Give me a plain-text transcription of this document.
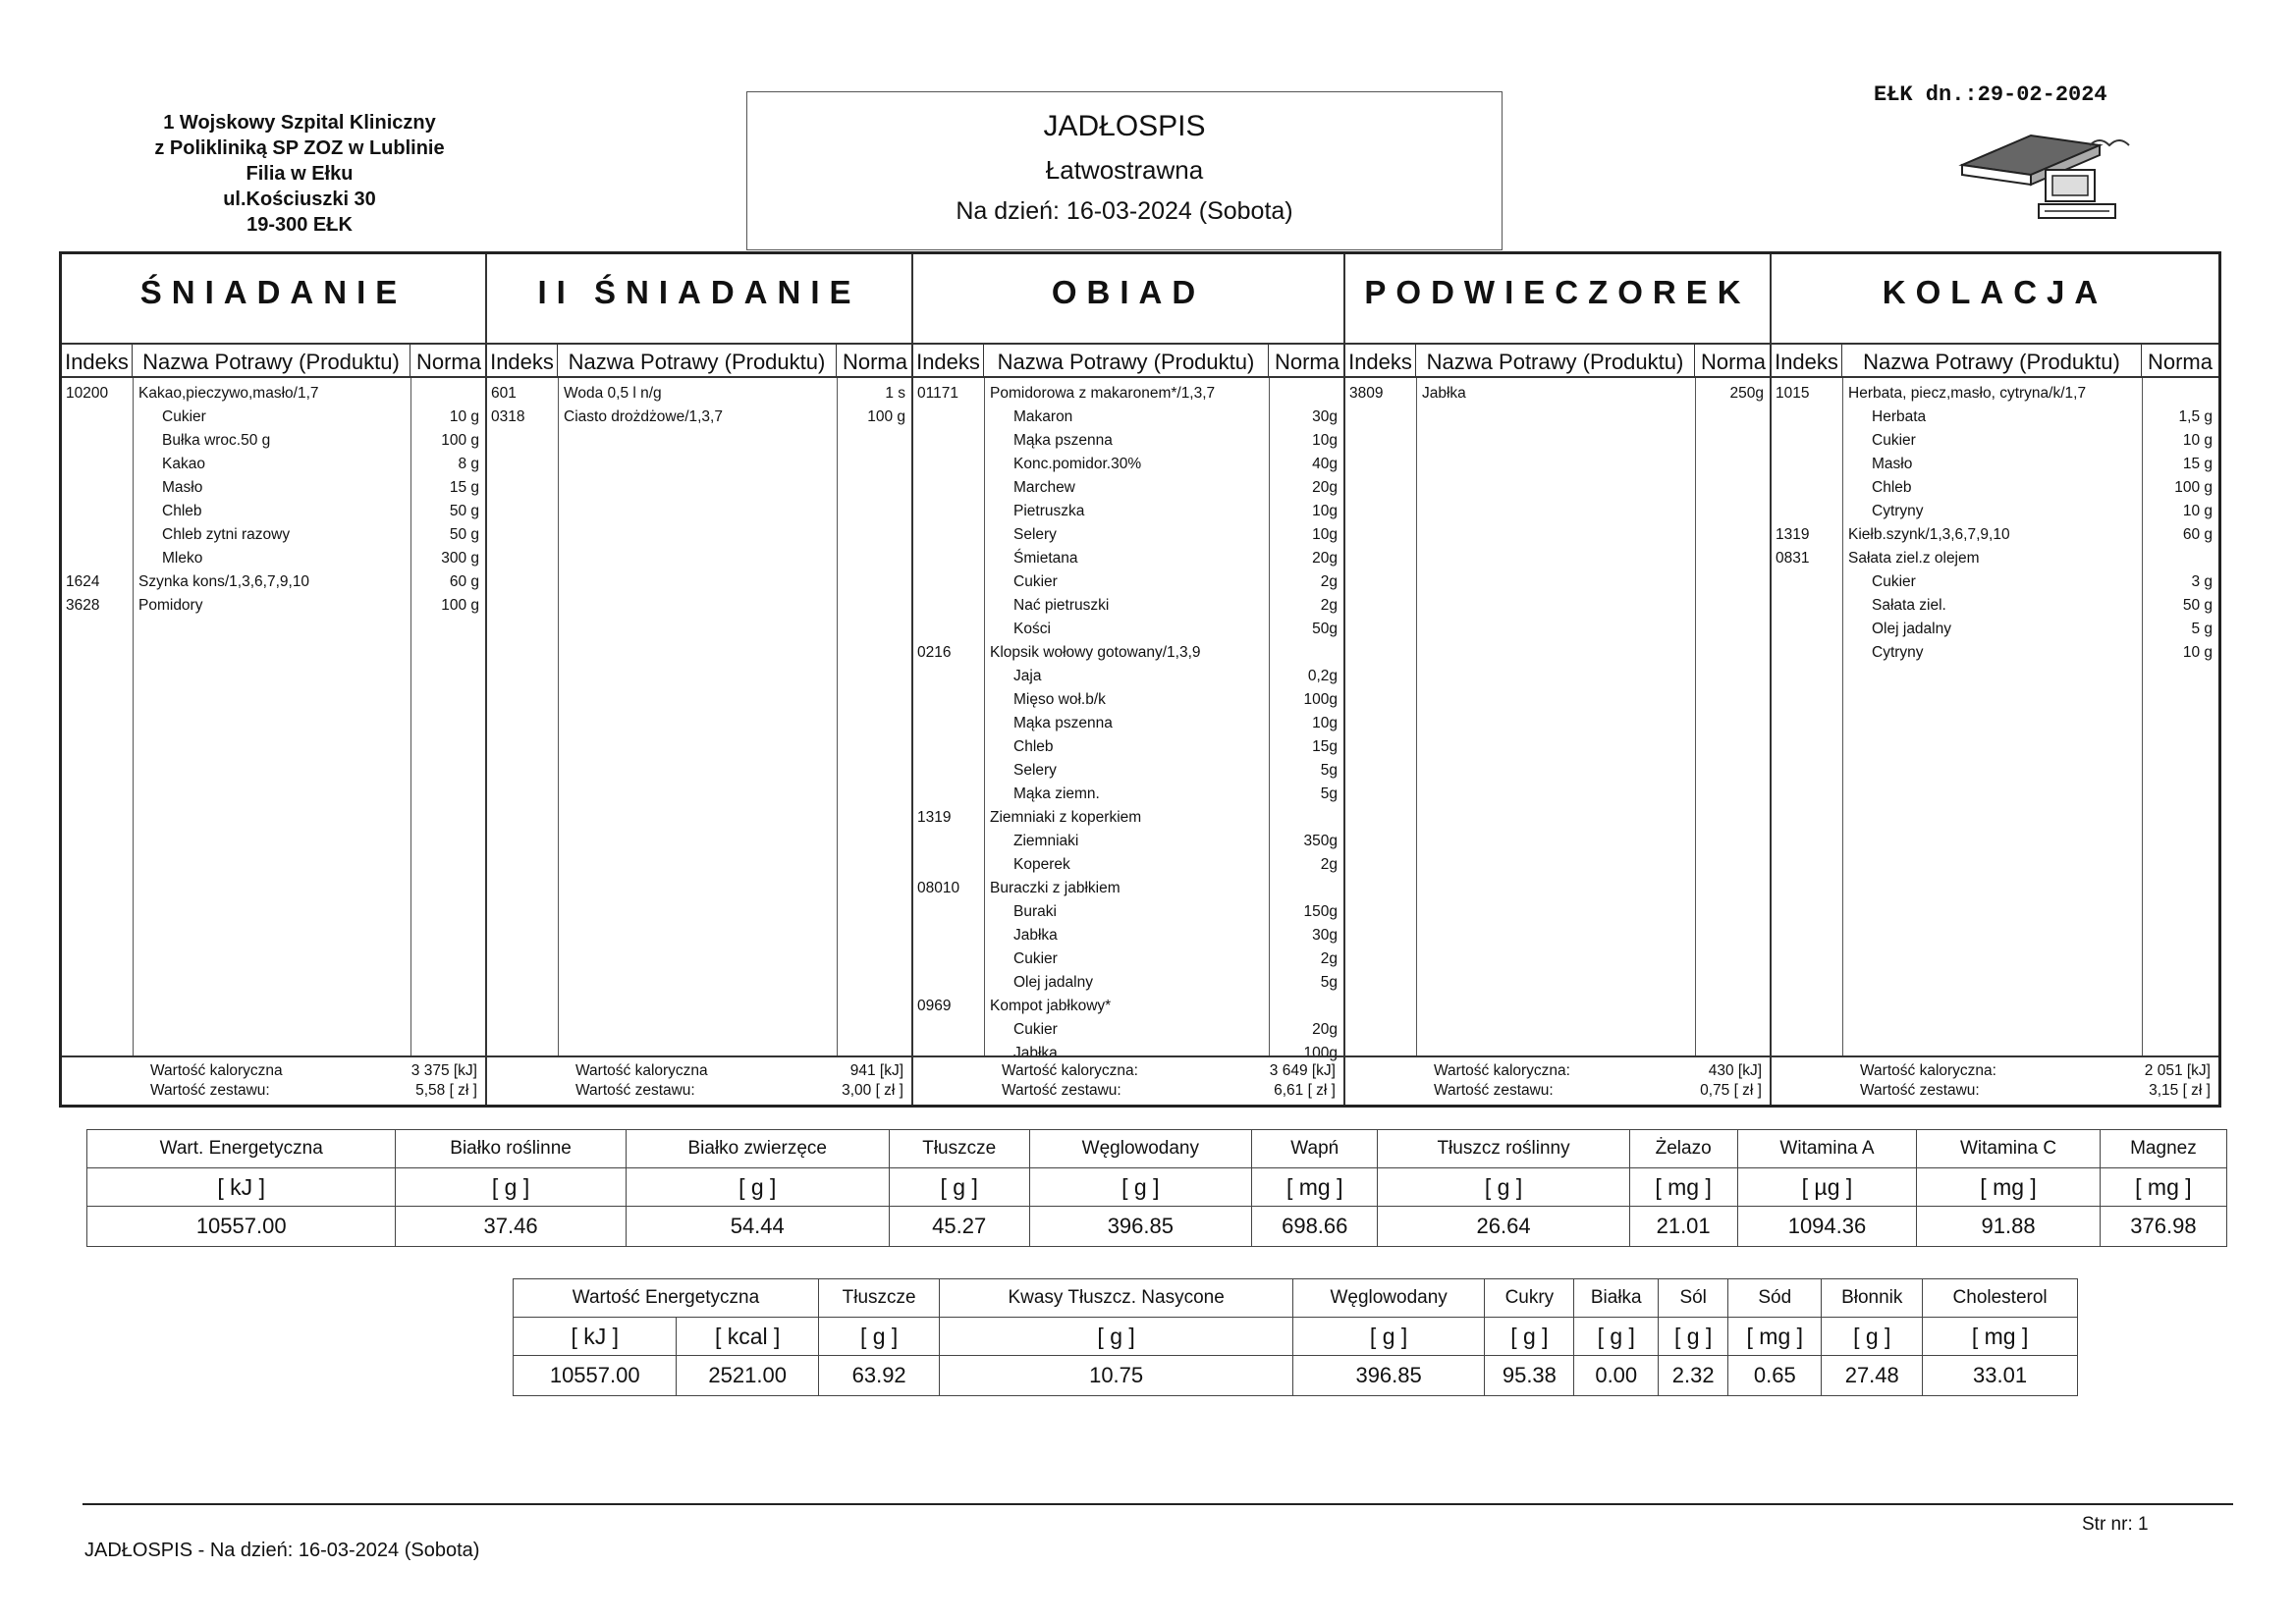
1 Wojskowy Szpital Kliniczny
z Polikliniką SP ZOZ w Lublinie
Filia w Ełku
ul.Kościuszki 30
19-300 EŁK
JADŁOSPIS
Łatwostrawna
Na dzień: 16-03-2024 (Sobota)
EŁK dn.:29-02-2024
ŚNIADANIE
Indeks Nazwa Potrawy (Produktu) Norma
10200 Kakao,pieczywo,masło/1,7
Cukier	10 g
Bułka wroc.50 g	100 g
Kakao	8 g
Masło	15 g
Chleb	50 g
Chleb zytni razowy	50 g
Mleko	300 g
1624	Szynka kons/1,3,6,7,9,10	60 g
3628	Pomidory	100 g
Wartość kaloryczna	3 375 [kJ]
Wartość zestawu:	5,58 [ zł ]
II ŚNIADANIE
Indeks Nazwa Potrawy (Produktu) Norma
601	Woda 0,5 l n/g	1 s
0318	Ciasto drożdżowe/1,3,7	100 g
Wartość kaloryczna	941 [kJ]
Wartość zestawu:	3,00 [ zł ]
OBIAD
Indeks Nazwa Potrawy (Produktu) Norma
01171 Pomidorowa z makaronem*/1,3,7
Makaron	30g
Mąka pszenna	10g
Konc.pomidor.30%	40g
Marchew	20g
Pietruszka	10g
Selery	10g
Śmietana	20g
Cukier	2g
Nać pietruszki	2g
Kości	50g
0216	Klopsik wołowy gotowany/1,3,9
Jaja	0,2g
Mięso woł.b/k	100g
Mąka pszenna	10g
Chleb	15g
Selery	5g
Mąka ziemn.	5g
1319	Ziemniaki z koperkiem
Ziemniaki	350g
Koperek	2g
08010 Buraczki z jabłkiem
Buraki	150g
Jabłka	30g
Cukier	2g
Olej jadalny	5g
0969	Kompot jabłkowy*
Cukier	20g
Jabłka	100g
Wartość kaloryczna:	3 649 [kJ]
Wartość zestawu:	6,61 [ zł ]
PODWIECZOREK
Indeks Nazwa Potrawy (Produktu) Norma
3809	Jabłka	250g
Wartość kaloryczna:	430 [kJ]
Wartość zestawu:	0,75 [ zł ]
KOLACJA
Indeks	Nazwa Potrawy (Produktu)	Norma
1015	Herbata, piecz,masło, cytryna/k/1,7
Herbata	1,5 g
Cukier	10 g
Masło	15 g
Chleb	100 g
Cytryny	10 g
1319	Kiełb.szynk/1,3,6,7,9,10	60 g
0831	Sałata ziel.z olejem
Cukier	3 g
Sałata ziel.	50 g
Olej jadalny	5 g
Cytryny	10 g
Wartość kaloryczna:	2 051 [kJ]
Wartość zestawu:	3,15 [ zł ]
Wart. Energetyczna	Białko roślinne	Białko zwierzęce	Tłuszcze	Węglowodany	Wapń	Tłuszcz roślinny	Żelazo	Witamina A	Witamina C	Magnez
[ kJ ]	[ g ]	[ g ]	[ g ]	[ g ]	[ mg ]	[ g ]	[ mg ]	[ µg ]	[ mg ]	[ mg ]
10557.00	37.46	54.44	45.27	396.85	698.66	26.64	21.01	1094.36	91.88	376.98
Wartość Energetyczna		Tłuszcze	Kwasy Tłuszcz. Nasycone	Węglowodany	Cukry	Białka	Sól	Sód	Błonnik	Cholesterol
[ kJ ]	[ kcal ]	[ g ]	[ g ]	[ g ]	[ g ]	[ g ]	[ g ]	[ mg ]	[ g ]	[ mg ]
10557.00	2521.00	63.92	10.75	396.85	95.38	0.00	2.32	0.65	27.48	33.01
Str nr: 1
JADŁOSPIS - Na dzień: 16-03-2024 (Sobota)
